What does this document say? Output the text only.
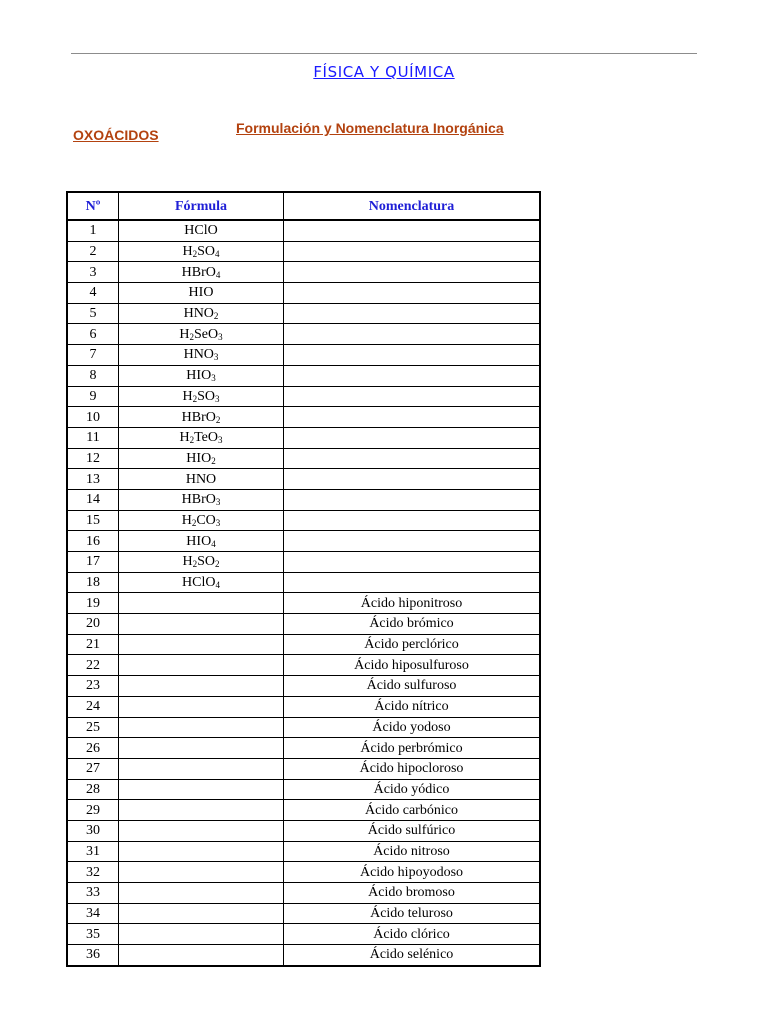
FÍSICA Y QUÍMICA
OXOÁCIDOS	Formulación y Nomenclatura Inorgánica
Nº	Fórmula	Nomenclatura
1	HClO	
2	$H_2SO_4$	
3	HBrO$_4$	
4	HIO	
5	$HNO_2$	
6	$H_2SeO_3$	
7	$HNO_3$	
8	$HIO_3$	
9	$H_2SO_3$	
10	HBrO$_2$	
11	$H_2TeO_3$	
12	$HIO_2$	
13	HNO	
14	HBrO$_3$	
15	$H_2CO_3$	
16	$HIO_4$	
17	$H_2SO_2$	
18	HClO$_4$	
19		Ácido hiponitroso
20		Ácido brómico
21		Ácido perclórico
22		Ácido hiposulfuroso
23		Ácido sulfuroso
24		Ácido nítrico
25		Ácido yodoso
26		Ácido perbrómico
27		Ácido hipocloroso
28		Ácido yódico
29		Ácido carbónico
30		Ácido sulfúrico
31		Ácido nitroso
32		Ácido hipoyodoso
33		Ácido bromoso
34		Ácido teluroso
35		Ácido clórico
36		Ácido selénico
